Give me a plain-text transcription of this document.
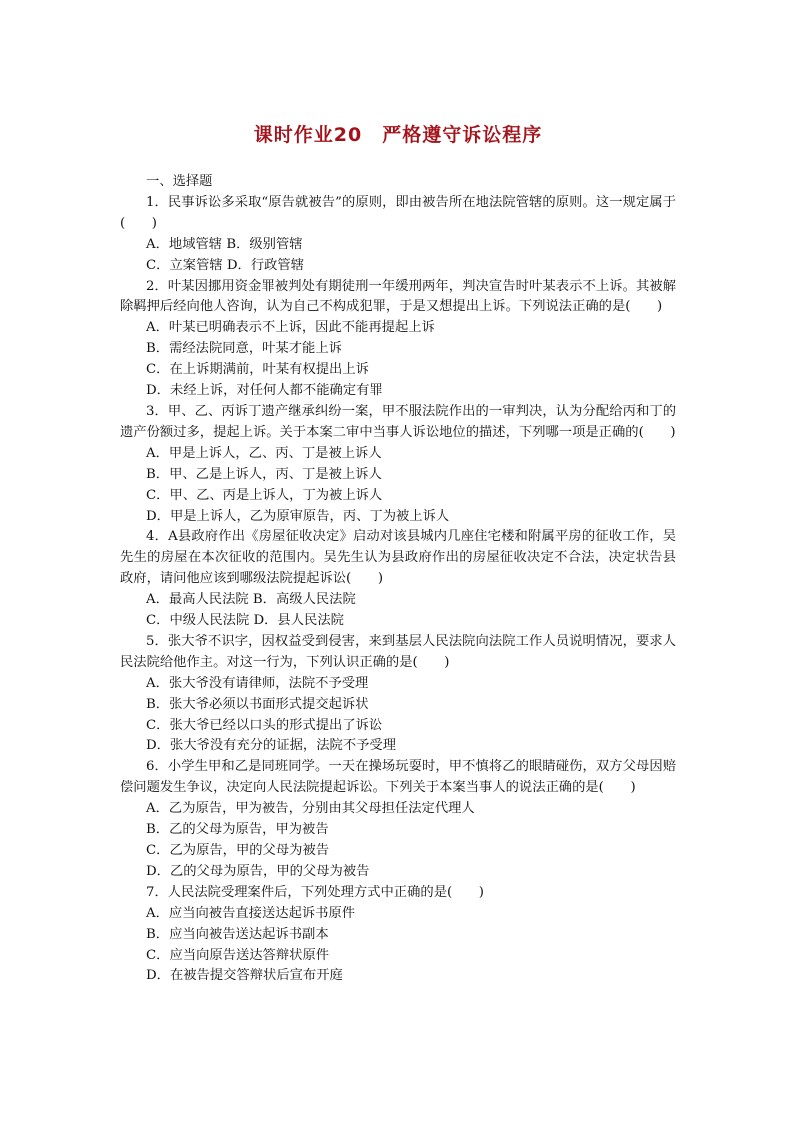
课时作业20　严格遵守诉讼程序

一、选择题

1．民事诉讼多采取“原告就被告”的原则，即由被告所在地法院管辖的原则。这一规定属于(　　)

A．地域管辖 B．级别管辖

C．立案管辖 D．行政管辖

2．叶某因挪用资金罪被判处有期徒刑一年缓刑两年，判决宣告时叶某表示不上诉。其被解除羁押后经向他人咨询，认为自己不构成犯罪，于是又想提出上诉。下列说法正确的是(　　)

A．叶某已明确表示不上诉，因此不能再提起上诉

B．需经法院同意，叶某才能上诉

C．在上诉期满前，叶某有权提出上诉

D．未经上诉，对任何人都不能确定有罪

3．甲、乙、丙诉丁遗产继承纠纷一案，甲不服法院作出的一审判决，认为分配给丙和丁的遗产份额过多，提起上诉。关于本案二审中当事人诉讼地位的描述，下列哪一项是正确的(　　)

A．甲是上诉人，乙、丙、丁是被上诉人

B．甲、乙是上诉人，丙、丁是被上诉人

C．甲、乙、丙是上诉人，丁为被上诉人

D．甲是上诉人，乙为原审原告，丙、丁为被上诉人

4．A县政府作出《房屋征收决定》启动对该县城内几座住宅楼和附属平房的征收工作，吴先生的房屋在本次征收的范围内。吴先生认为县政府作出的房屋征收决定不合法，决定状告县政府，请问他应该到哪级法院提起诉讼(　　)

A．最高人民法院 B．高级人民法院

C．中级人民法院 D．县人民法院

5．张大爷不识字，因权益受到侵害，来到基层人民法院向法院工作人员说明情况，要求人民法院给他作主。对这一行为，下列认识正确的是(　　)

A．张大爷没有请律师，法院不予受理

B．张大爷必须以书面形式提交起诉状

C．张大爷已经以口头的形式提出了诉讼

D．张大爷没有充分的证据，法院不予受理

6．小学生甲和乙是同班同学。一天在操场玩耍时，甲不慎将乙的眼睛碰伤，双方父母因赔偿问题发生争议，决定向人民法院提起诉讼。下列关于本案当事人的说法正确的是(　　)

A．乙为原告，甲为被告，分别由其父母担任法定代理人

B．乙的父母为原告，甲为被告

C．乙为原告，甲的父母为被告

D．乙的父母为原告，甲的父母为被告

7．人民法院受理案件后，下列处理方式中正确的是(　　)

A．应当向被告直接送达起诉书原件

B．应当向被告送达起诉书副本

C．应当向原告送达答辩状原件

D．在被告提交答辩状后宣布开庭
